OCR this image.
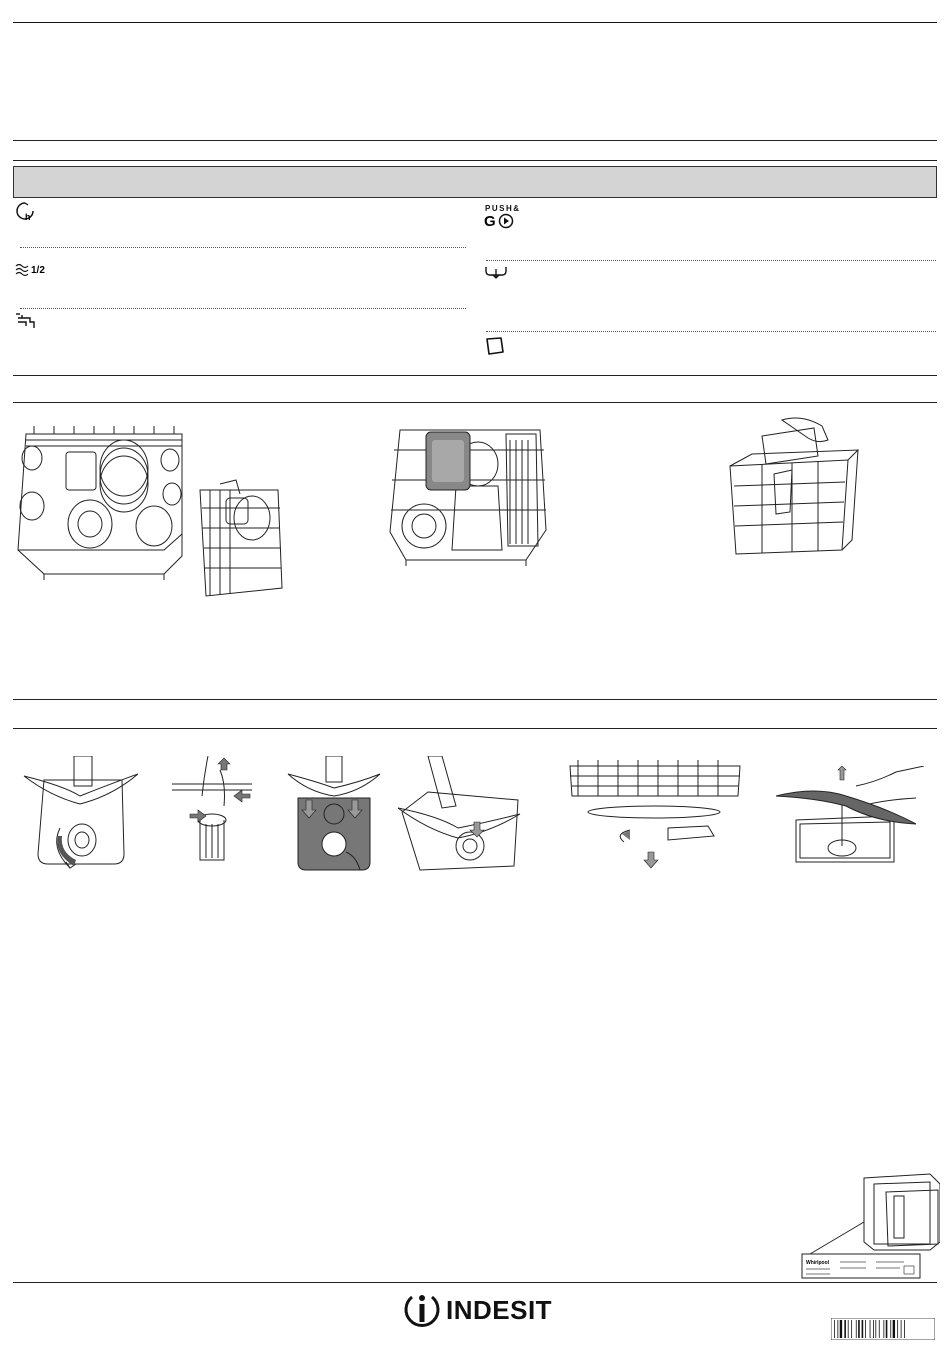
h
1/2
PUSH&
G
Whirlpool
INDESIT
